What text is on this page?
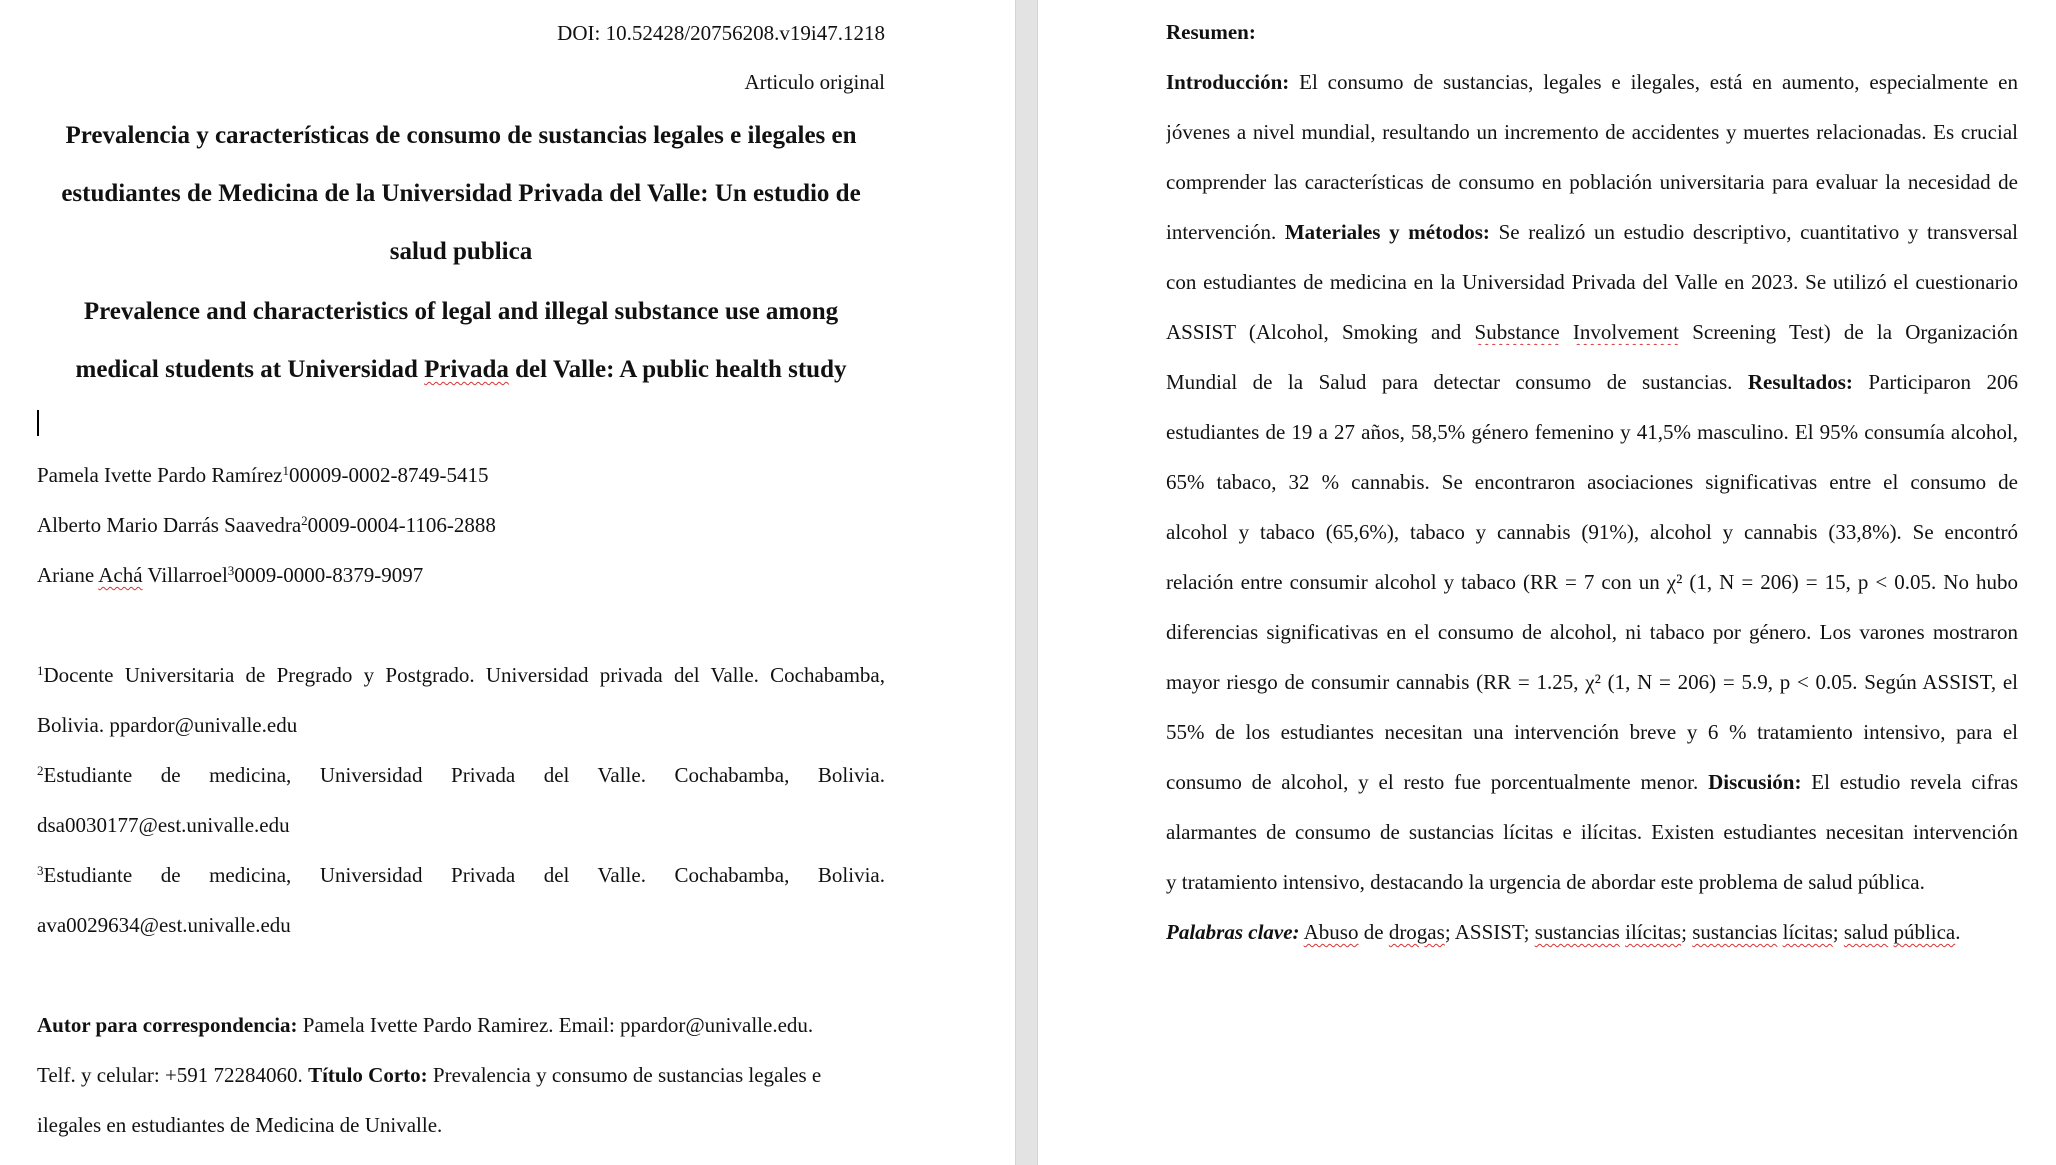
DOI: 10.52428/20756208.v19i47.1218
Articulo original
Prevalencia y características de consumo de sustancias legales e ilegales en
estudiantes de Medicina de la Universidad Privada del Valle: Un estudio de
salud publica
Prevalence and characteristics of legal and illegal substance use among
medical students at Universidad Privada del Valle: A public health study
Pamela Ivette Pardo Ramírez$^1$00009-0002-8749-5415
Alberto Mario Darrás Saavedra$^2$0009-0004-1106-2888
Ariane Achá Villarroel$^3$0009-0000-8379-9097
$^1$Docente Universitaria de Pregrado y Postgrado. Universidad privada del Valle. Cochabamba,
Bolivia. ppardor@univalle.edu
$^2$Estudiante de medicina, Universidad Privada del Valle. Cochabamba, Bolivia.
dsa0030177@est.univalle.edu
$^3$Estudiante de medicina, Universidad Privada del Valle. Cochabamba, Bolivia.
ava0029634@est.univalle.edu
Autor para correspondencia: Pamela Ivette Pardo Ramirez. Email: ppardor@univalle.edu.
Telf. y celular: +591 72284060. Título Corto: Prevalencia y consumo de sustancias legales e
ilegales en estudiantes de Medicina de Univalle.
Resumen:
Introducción: El consumo de sustancias, legales e ilegales, está en aumento, especialmente en
jóvenes a nivel mundial, resultando un incremento de accidentes y muertes relacionadas. Es crucial
comprender las características de consumo en población universitaria para evaluar la necesidad de
intervención. Materiales y métodos: Se realizó un estudio descriptivo, cuantitativo y transversal
con estudiantes de medicina en la Universidad Privada del Valle en 2023. Se utilizó el cuestionario
ASSIST (Alcohol, Smoking and Substance Involvement Screening Test) de la Organización
Mundial de la Salud para detectar consumo de sustancias. Resultados: Participaron 206
estudiantes de 19 a 27 años, 58,5% género femenino y 41,5% masculino. El 95% consumía alcohol,
65% tabaco, 32 % cannabis. Se encontraron asociaciones significativas entre el consumo de
alcohol y tabaco (65,6%), tabaco y cannabis (91%), alcohol y cannabis (33,8%). Se encontró
relación entre consumir alcohol y tabaco (RR = 7 con un χ² (1, N = 206) = 15, p < 0.05. No hubo
diferencias significativas en el consumo de alcohol, ni tabaco por género. Los varones mostraron
mayor riesgo de consumir cannabis (RR = 1.25, χ² (1, N = 206) = 5.9, p < 0.05. Según ASSIST, el
55% de los estudiantes necesitan una intervención breve y 6 % tratamiento intensivo, para el
consumo de alcohol, y el resto fue porcentualmente menor. Discusión: El estudio revela cifras
alarmantes de consumo de sustancias lícitas e ilícitas. Existen estudiantes necesitan intervención
y tratamiento intensivo, destacando la urgencia de abordar este problema de salud pública.
Palabras clave: Abuso de drogas; ASSIST; sustancias ilícitas; sustancias lícitas; salud pública.
